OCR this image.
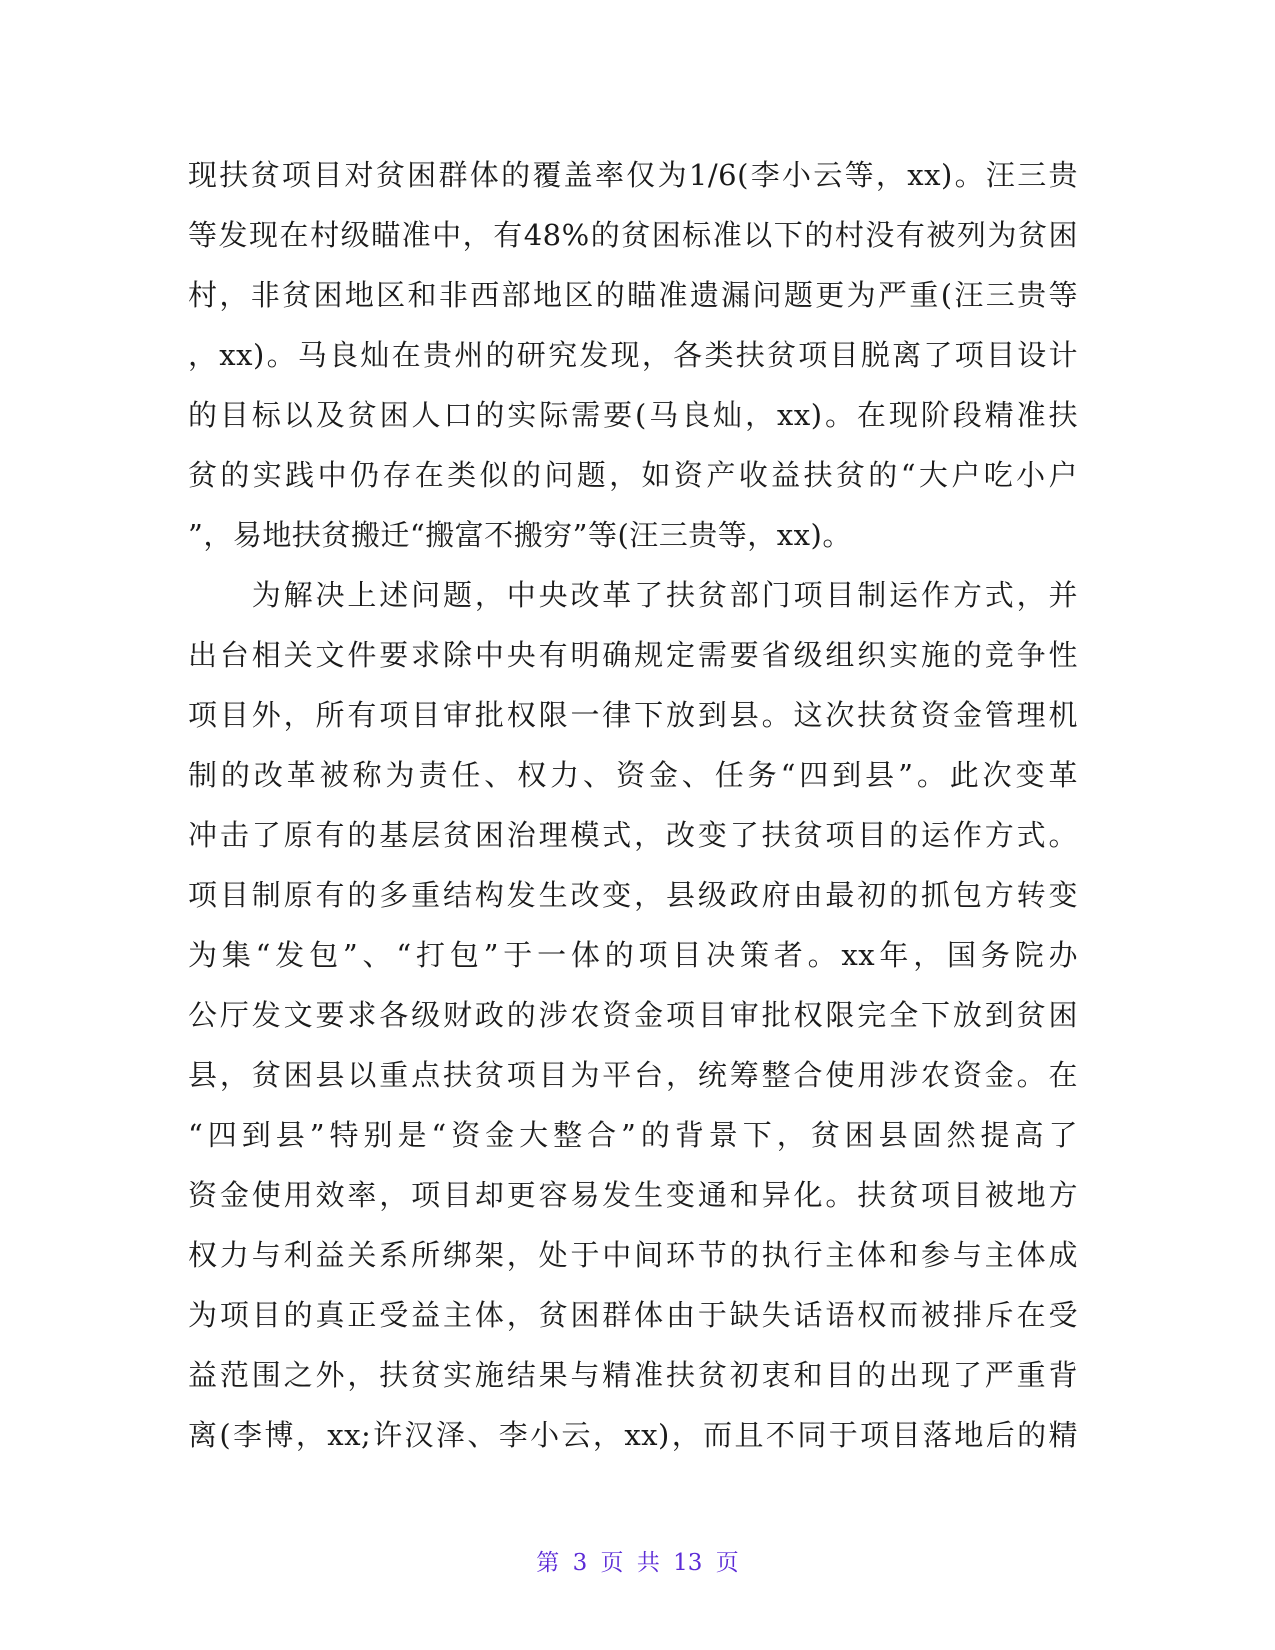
现扶贫项目对贫困群体的覆盖率仅为1/6(李小云等，xx)。汪三贵
等发现在村级瞄准中，有48%的贫困标准以下的村没有被列为贫困
村，非贫困地区和非西部地区的瞄准遗漏问题更为严重(汪三贵等
，xx)。马良灿在贵州的研究发现，各类扶贫项目脱离了项目设计
的目标以及贫困人口的实际需要(马良灿，xx)。在现阶段精准扶
贫的实践中仍存在类似的问题，如资产收益扶贫的“大户吃小户
”，易地扶贫搬迁“搬富不搬穷”等(汪三贵等，xx)。
　　为解决上述问题，中央改革了扶贫部门项目制运作方式，并
出台相关文件要求除中央有明确规定需要省级组织实施的竞争性
项目外，所有项目审批权限一律下放到县。这次扶贫资金管理机
制的改革被称为责任、权力、资金、任务“四到县”。此次变革
冲击了原有的基层贫困治理模式，改变了扶贫项目的运作方式。
项目制原有的多重结构发生改变，县级政府由最初的抓包方转变
为集“发包”、“打包”于一体的项目决策者。xx年，国务院办
公厅发文要求各级财政的涉农资金项目审批权限完全下放到贫困
县，贫困县以重点扶贫项目为平台，统筹整合使用涉农资金。在
“四到县”特别是“资金大整合”的背景下，贫困县固然提高了
资金使用效率，项目却更容易发生变通和异化。扶贫项目被地方
权力与利益关系所绑架，处于中间环节的执行主体和参与主体成
为项目的真正受益主体，贫困群体由于缺失话语权而被排斥在受
益范围之外，扶贫实施结果与精准扶贫初衷和目的出现了严重背
离(李博，xx;许汉泽、李小云，xx)，而且不同于项目落地后的精
第 3 页 共 13 页
